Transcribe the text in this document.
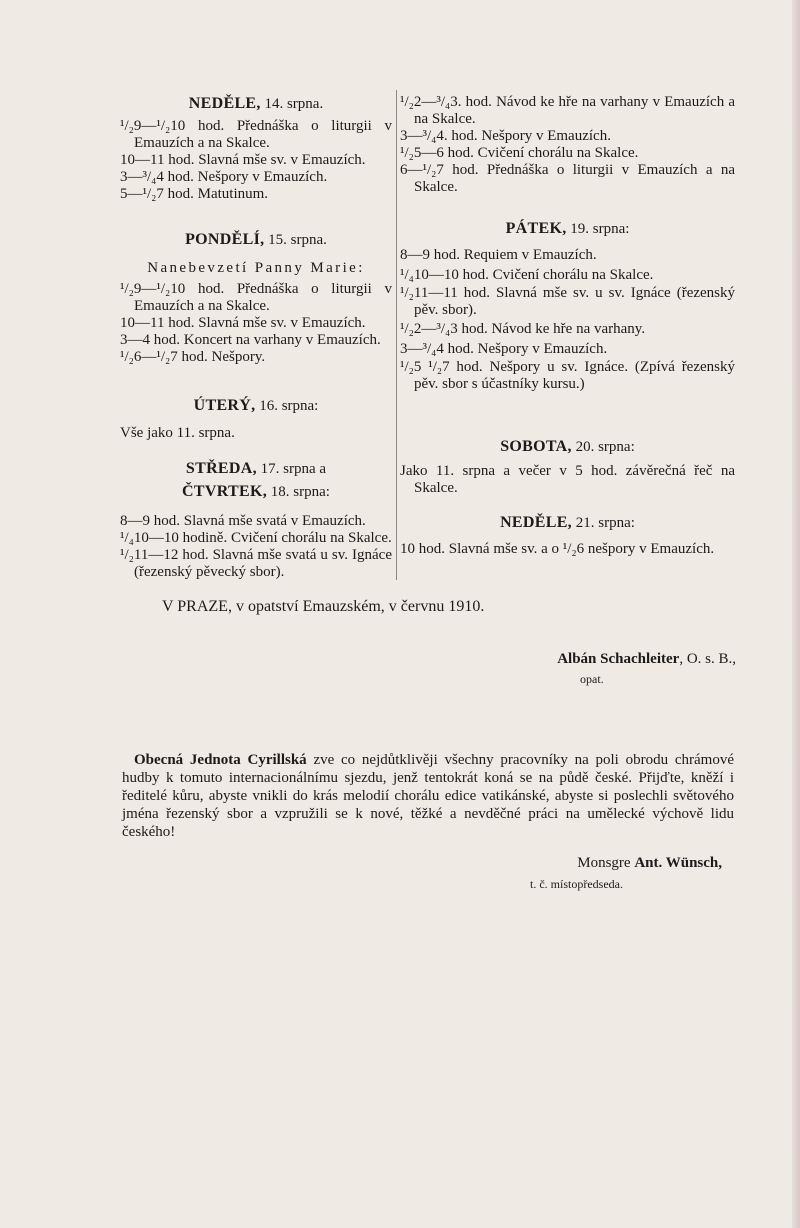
NEDĚLE, 14. srpna.

¹/₂9—¹/₂10 hod. Přednáška o liturgii v Emauzích a na Skalce.

10—11 hod. Slavná mše sv. v Emauzích.

3—³/₄4 hod. Nešpory v Emauzích.

5—¹/₂7 hod. Matutinum.

PONDĚLÍ, 15. srpna.

Nanebevzetí Panny Marie:

¹/₂9—¹/₂10 hod. Přednáška o liturgii v Emauzích a na Skalce.

10—11 hod. Slavná mše sv. v Emauzích.

3—4 hod. Koncert na varhany v Emauzích.

¹/₂6—¹/₂7 hod. Nešpory.

ÚTERÝ, 16. srpna:

Vše jako 11. srpna.

STŘEDA, 17. srpna a

ČTVRTEK, 18. srpna:

8—9 hod. Slavná mše svatá v Emauzích.

¹/₄10—10 hodině. Cvičení chorálu na Skalce.

¹/₂11—12 hod. Slavná mše svatá u sv. Ignáce (řezenský pěvecký sbor).

¹/₂2—³/₄3. hod. Návod ke hře na varhany v Emauzích a na Skalce.

3—³/₄4. hod. Nešpory v Emauzích.

¹/₂5—6 hod. Cvičení chorálu na Skalce.

6—¹/₂7 hod. Přednáška o liturgii v Emauzích a na Skalce.

PÁTEK, 19. srpna:

8—9 hod. Requiem v Emauzích.

¹/₄10—10 hod. Cvičení chorálu na Skalce.

¹/₂11—11 hod. Slavná mše sv. u sv. Ignáce (řezenský pěv. sbor).

¹/₂2—³/₄3 hod. Návod ke hře na varhany.

3—³/₄4 hod. Nešpory v Emauzích.

¹/₂5 ¹/₂7 hod. Nešpory u sv. Ignáce. (Zpívá řezenský pěv. sbor s účastníky kursu.)

SOBOTA, 20. srpna:

Jako 11. srpna a večer v 5 hod. závěrečná řeč na Skalce.

NEDĚLE, 21. srpna:

10 hod. Slavná mše sv. a o ¹/₂6 nešpory v Emauzích.

V PRAZE, v opatství Emauzském, v červnu 1910.
Albán Schachleiter, O. s. B.,
opat.

Obecná Jednota Cyrillská zve co nejdůtklivěji všechny pracovníky na poli obrodu chrámové hudby k tomuto internacionálnímu sjezdu, jenž tentokrát koná se na půdě české. Přijďte, kněží i ředitelé kůru, abyste vnikli do krás melodií chorálu edice vatikánské, abyste si poslechli světového jména řezenský sbor a vzpružili se k nové, těžké a nevděčné práci na umělecké výchově lidu českého!

Monsgre Ant. Wünsch,
t. č. místopředseda.
